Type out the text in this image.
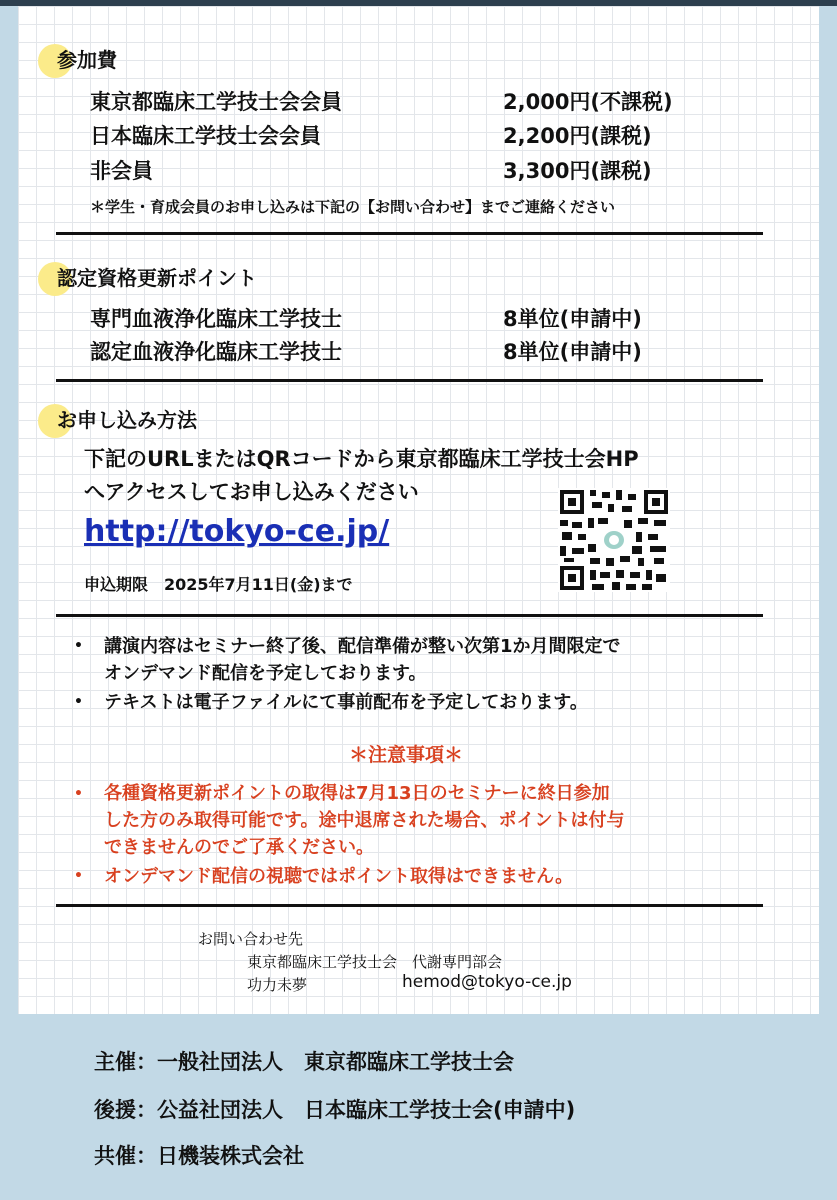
参加費
東京都臨床工学技士会会員	2,000円(不課税)
日本臨床工学技士会会員	2,200円(課税)
非会員	3,300円(課税)
＊学生・育成会員のお申し込みは下記の【お問い合わせ】までご連絡ください
認定資格更新ポイント
専門血液浄化臨床工学技士	8単位(申請中)
認定血液浄化臨床工学技士	8単位(申請中)
お申し込み方法
下記のURLまたはQRコードから東京都臨床工学技士会HP
へアクセスしてお申し込みください
http://tokyo-ce.jp/
申込期限　2025年7月11日(金)まで
• 講演内容はセミナー終了後、配信準備が整い次第1か月間限定で
オンデマンド配信を予定しております。
• テキストは電子ファイルにて事前配布を予定しております。
＊注意事項＊
• 各種資格更新ポイントの取得は7月13日のセミナーに終日参加
した方のみ取得可能です。途中退席された場合、ポイントは付与
できませんのでご了承ください。
• オンデマンド配信の視聴ではポイント取得はできません。
お問い合わせ先
東京都臨床工学技士会　代謝専門部会
功力未夢	hemod@tokyo-ce.jp
主催：一般社団法人　東京都臨床工学技士会
後援：公益社団法人　日本臨床工学技士会(申請中)
共催：日機装株式会社
